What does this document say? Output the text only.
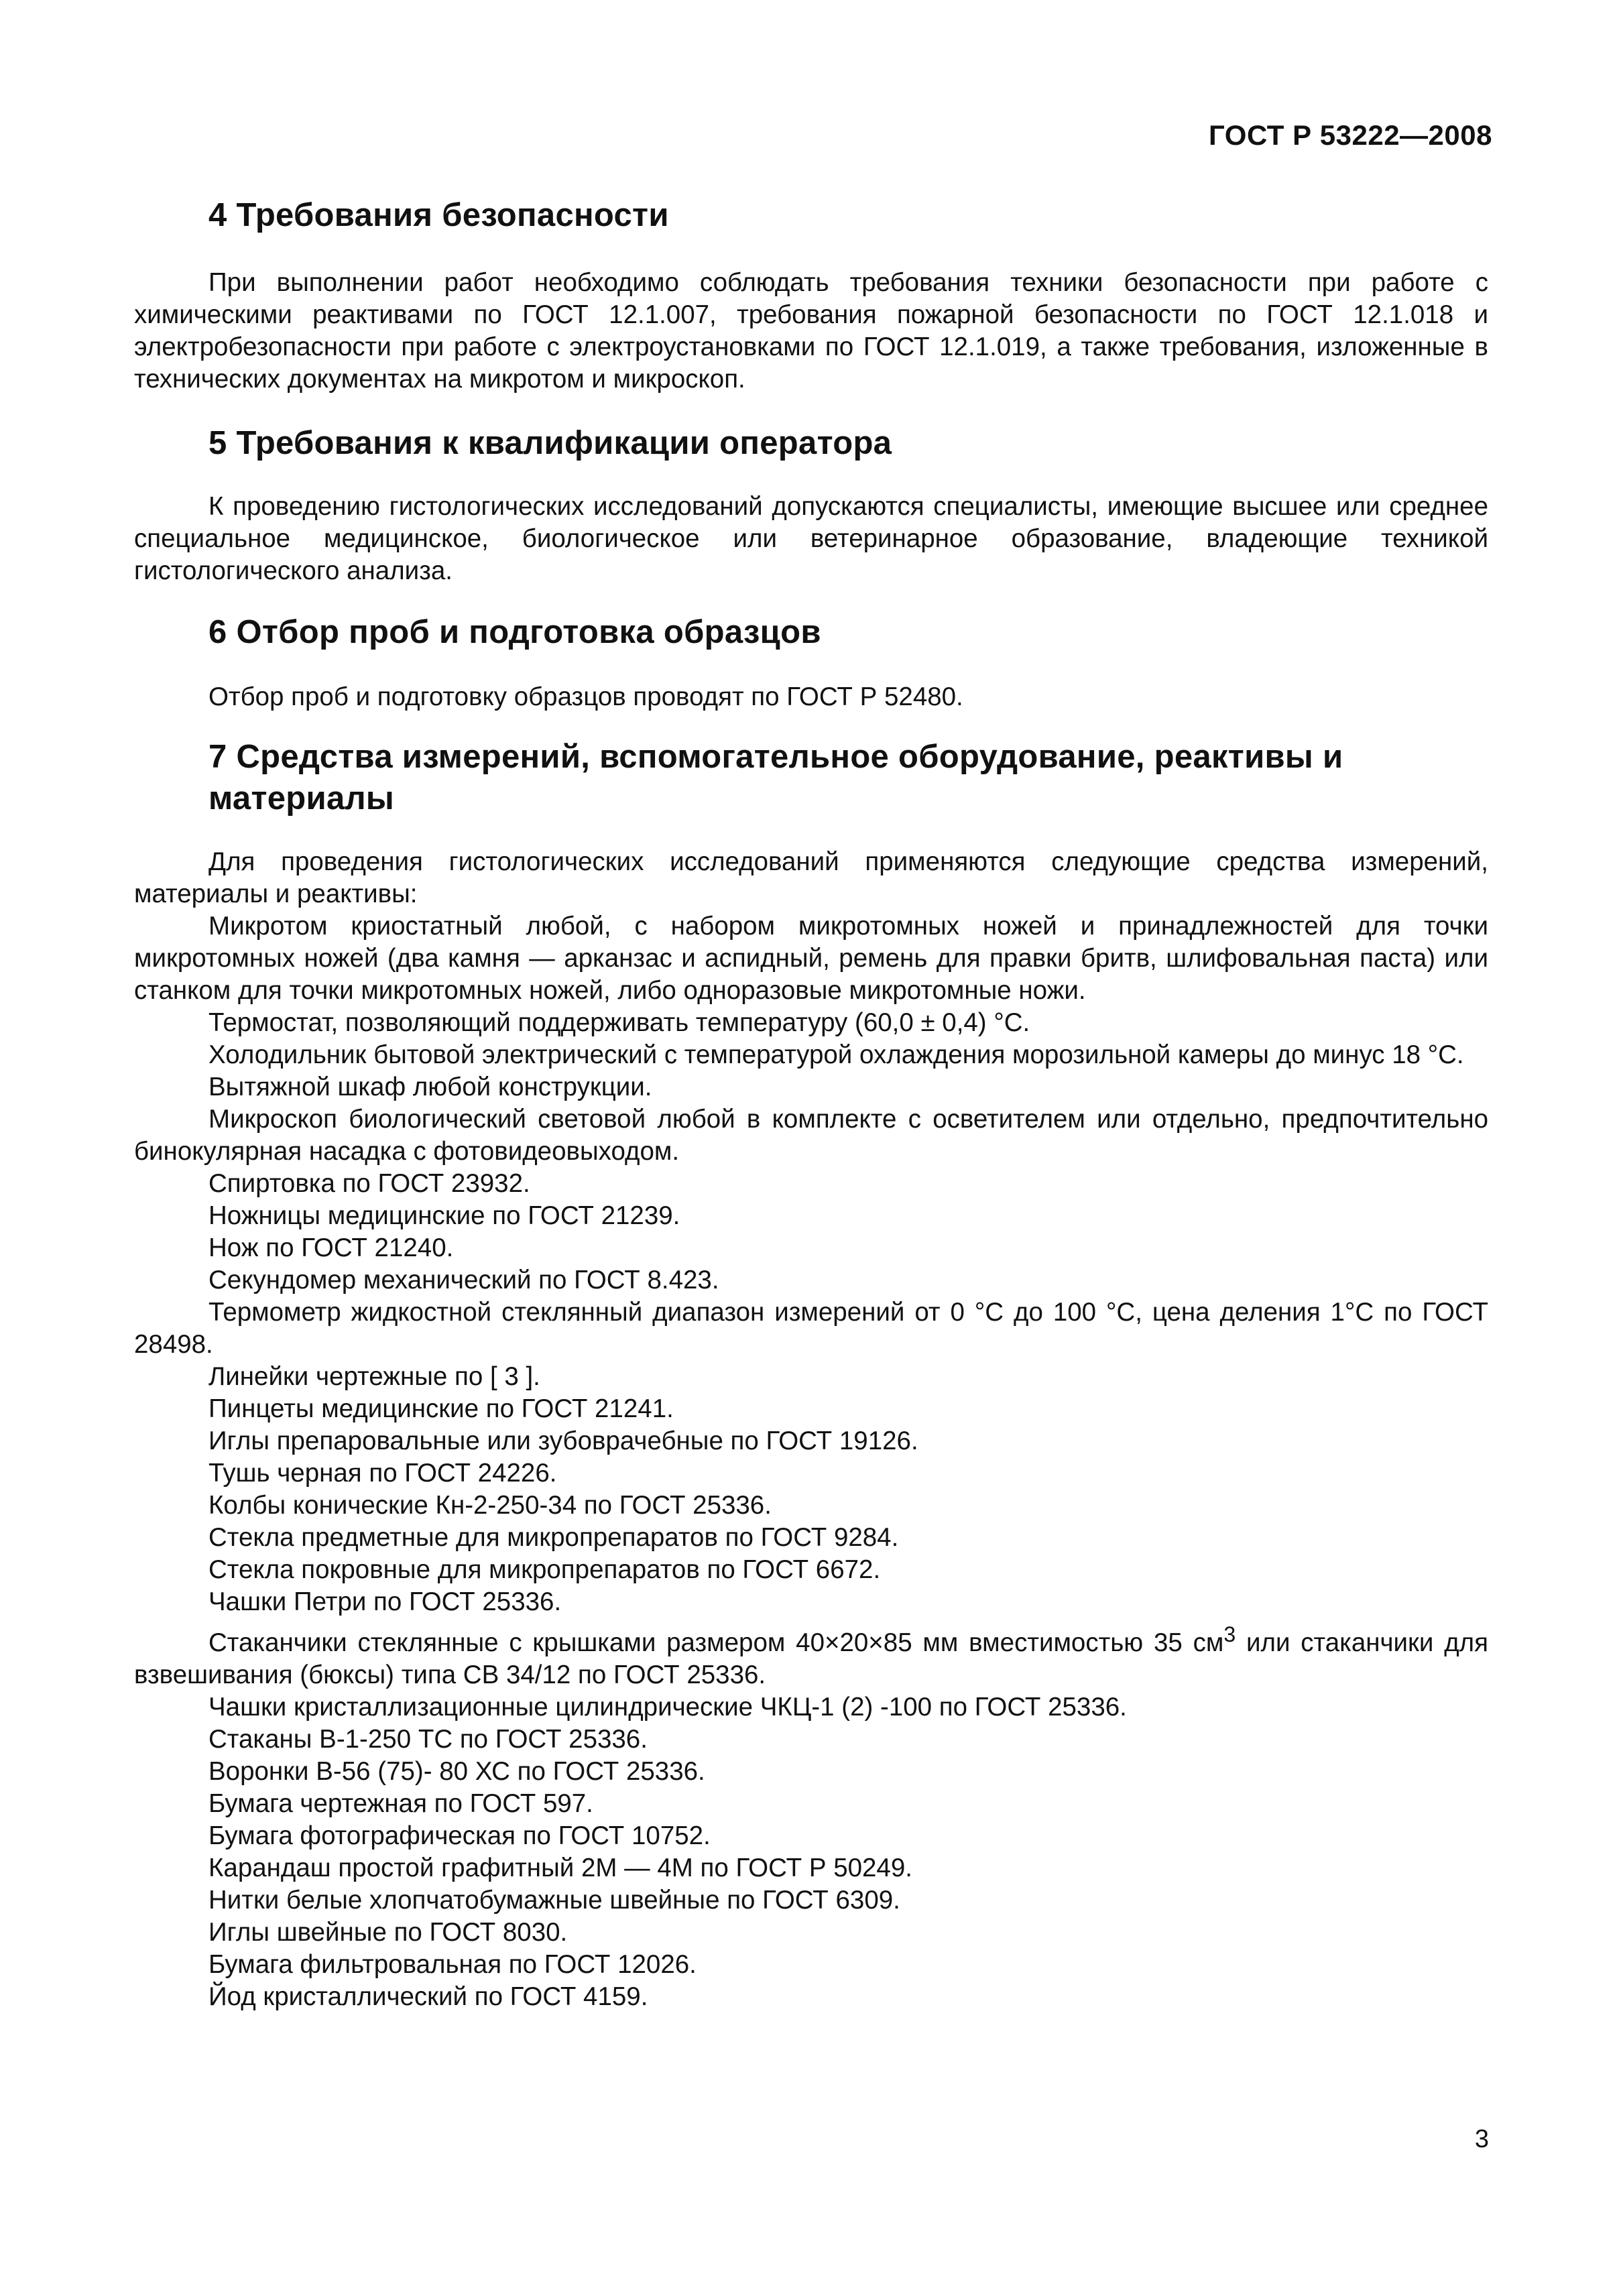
ГОСТ Р 53222—2008
4 Требования безопасности

При выполнении работ необходимо соблюдать требования техники безопасности при работе с химическими реактивами по ГОСТ 12.1.007, требования пожарной безопасности по ГОСТ 12.1.018 и электробезопасности при работе с электроустановками по ГОСТ 12.1.019, а также требования, изложенные в технических документах на микротом и микроскоп.

5 Требования к квалификации оператора

К проведению гистологических исследований допускаются специалисты, имеющие высшее или среднее специальное медицинское, биологическое или ветеринарное образование, владеющие техникой гистологического анализа.

6 Отбор проб и подготовка образцов

Отбор проб и подготовку образцов проводят по ГОСТ Р 52480.

7 Средства измерений, вспомогательное оборудование, реактивы и материалы

Для проведения гистологических исследований применяются следующие средства измерений, материалы и реактивы:

Микротом криостатный любой, с набором микротомных ножей и принадлежностей для точки микротомных ножей (два камня — арканзас и аспидный, ремень для правки бритв, шлифовальная паста) или станком для точки микротомных ножей, либо одноразовые микротомные ножи.

Термостат, позволяющий поддерживать температуру (60,0 ± 0,4) °С.

Холодильник бытовой электрический с температурой охлаждения морозильной камеры до минус 18 °С.

Вытяжной шкаф любой конструкции.

Микроскоп биологический световой любой в комплекте с осветителем или отдельно, предпочтительно бинокулярная насадка с фотовидеовыходом.

Спиртовка по ГОСТ 23932.

Ножницы медицинские по ГОСТ 21239.

Нож по ГОСТ 21240.

Секундомер механический по ГОСТ 8.423.

Термометр жидкостной стеклянный диапазон измерений от 0 °С до 100 °С, цена деления 1°С по ГОСТ 28498.

Линейки чертежные по [ 3 ].

Пинцеты медицинские по ГОСТ 21241.

Иглы препаровальные или зубоврачебные по ГОСТ 19126.

Тушь черная по ГОСТ 24226.

Колбы конические Кн-2-250-34 по ГОСТ 25336.

Стекла предметные для микропрепаратов по ГОСТ 9284.

Стекла покровные для микропрепаратов по ГОСТ 6672.

Чашки Петри по ГОСТ 25336.

Стаканчики стеклянные с крышками размером 40×20×85 мм вместимостью 35 $см^3$ или стаканчики для взвешивания (бюксы) типа СВ 34/12 по ГОСТ 25336.

Чашки кристаллизационные цилиндрические ЧКЦ-1 (2) -100 по ГОСТ 25336.

Стаканы В-1-250 ТС по ГОСТ 25336.

Воронки В-56 (75)- 80 ХС по ГОСТ 25336.

Бумага чертежная по ГОСТ 597.

Бумага фотографическая по ГОСТ 10752.

Карандаш простой графитный 2М — 4М по ГОСТ Р 50249.

Нитки белые хлопчатобумажные швейные по ГОСТ 6309.

Иглы швейные по ГОСТ 8030.

Бумага фильтровальная по ГОСТ 12026.

Йод кристаллический по ГОСТ 4159.

3
